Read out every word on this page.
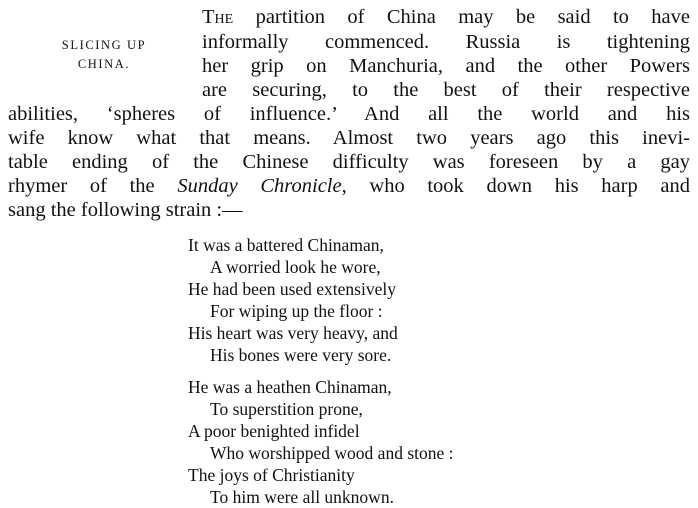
SLICING UP
CHINA.
The partition of China may be said to have
informally commenced. Russia is tightening
her grip on Manchuria, and the other Powers
are securing, to the best of their respective
abilities, ‘spheres of influence.’ And all the world and his
wife know what that means. Almost two years ago this inevi-
table ending of the Chinese difficulty was foreseen by a gay
rhymer of the Sunday Chronicle, who took down his harp and
sang the following strain :—
It was a battered Chinaman,
A worried look he wore,
He had been used extensively
For wiping up the floor :
His heart was very heavy, and
His bones were very sore.
He was a heathen Chinaman,
To superstition prone,
A poor benighted infidel
Who worshipped wood and stone :
The joys of Christianity
To him were all unknown.
